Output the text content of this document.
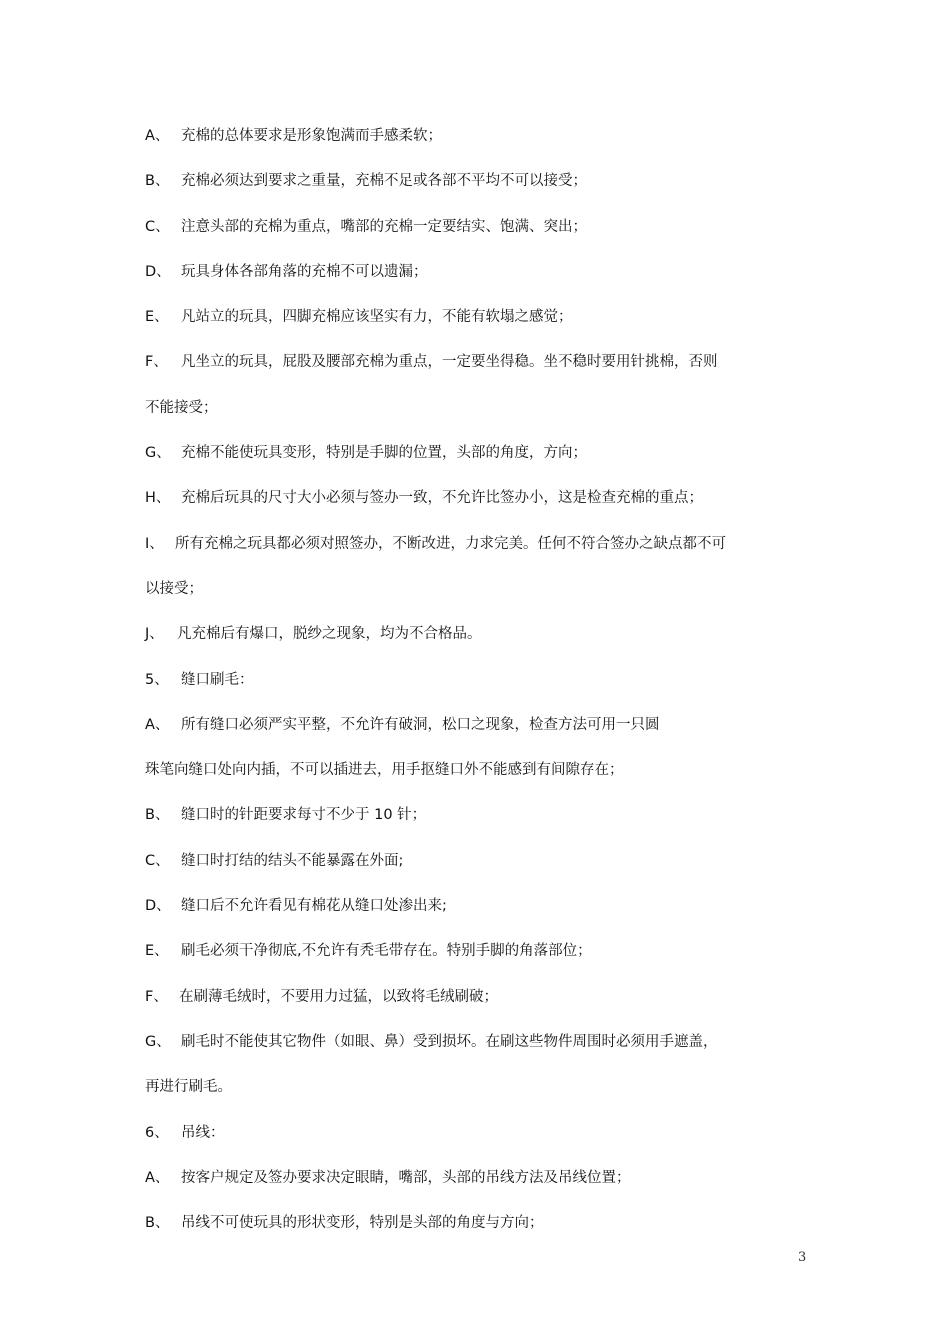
A、 充棉的总体要求是形象饱满而手感柔软；
B、 充棉必须达到要求之重量，充棉不足或各部不平均不可以接受；
C、 注意头部的充棉为重点，嘴部的充棉一定要结实、饱满、突出；
D、 玩具身体各部角落的充棉不可以遗漏；
E、 凡站立的玩具，四脚充棉应该坚实有力，不能有软塌之感觉；
F、 凡坐立的玩具，屁股及腰部充棉为重点，一定要坐得稳。坐不稳时要用针挑棉，否则
不能接受；
G、 充棉不能使玩具变形，特别是手脚的位置，头部的角度，方向；
H、 充棉后玩具的尺寸大小必须与签办一致，不允许比签办小，这是检查充棉的重点；
I、 所有充棉之玩具都必须对照签办，不断改进，力求完美。任何不符合签办之缺点都不可
以接受；
J、 凡充棉后有爆口，脱纱之现象，均为不合格品。
5、 缝口刷毛：
A、 所有缝口必须严实平整，不允许有破洞，松口之现象，检查方法可用一只圆
珠笔向缝口处向内插，不可以插进去，用手抠缝口外不能感到有间隙存在；
B、 缝口时的针距要求每寸不少于 10 针；
C、 缝口时打结的结头不能暴露在外面;
D、 缝口后不允许看见有棉花从缝口处渗出来;
E、 刷毛必须干净彻底,不允许有秃毛带存在。特别手脚的角落部位；
F、 在刷薄毛绒时，不要用力过猛，以致将毛绒刷破；
G、 刷毛时不能使其它物件（如眼、鼻）受到损坏。在刷这些物件周围时必须用手遮盖，
再进行刷毛。
6、 吊线：
A、 按客户规定及签办要求决定眼睛，嘴部，头部的吊线方法及吊线位置；
B、 吊线不可使玩具的形状变形，特别是头部的角度与方向；
3
